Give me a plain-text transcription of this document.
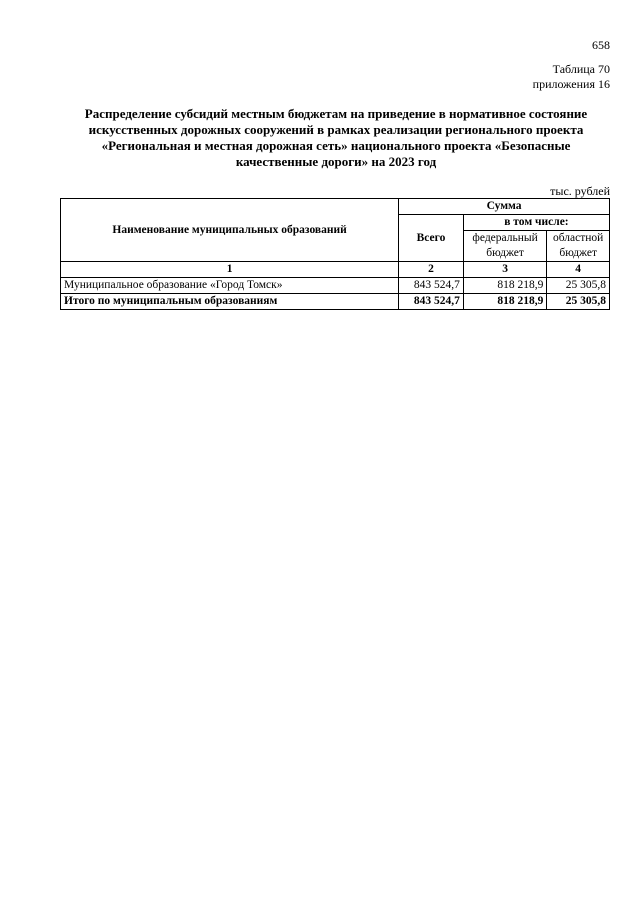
658
Таблица 70
приложения 16
Распределение субсидий местным бюджетам на приведение в нормативное состояние
искусственных дорожных сооружений в рамках реализации регионального проекта
«Региональная и местная дорожная сеть» национального проекта «Безопасные
качественные дороги» на 2023 год
тыс. рублей
Наименование муниципальных образований	Сумма		
	Всего	в том числе:	
		федеральный бюджет	областной бюджет
1	2	3	4
Муниципальное образование «Город Томск»	843 524,7	818 218,9	25 305,8
Итого по муниципальным образованиям	843 524,7	818 218,9	25 305,8
